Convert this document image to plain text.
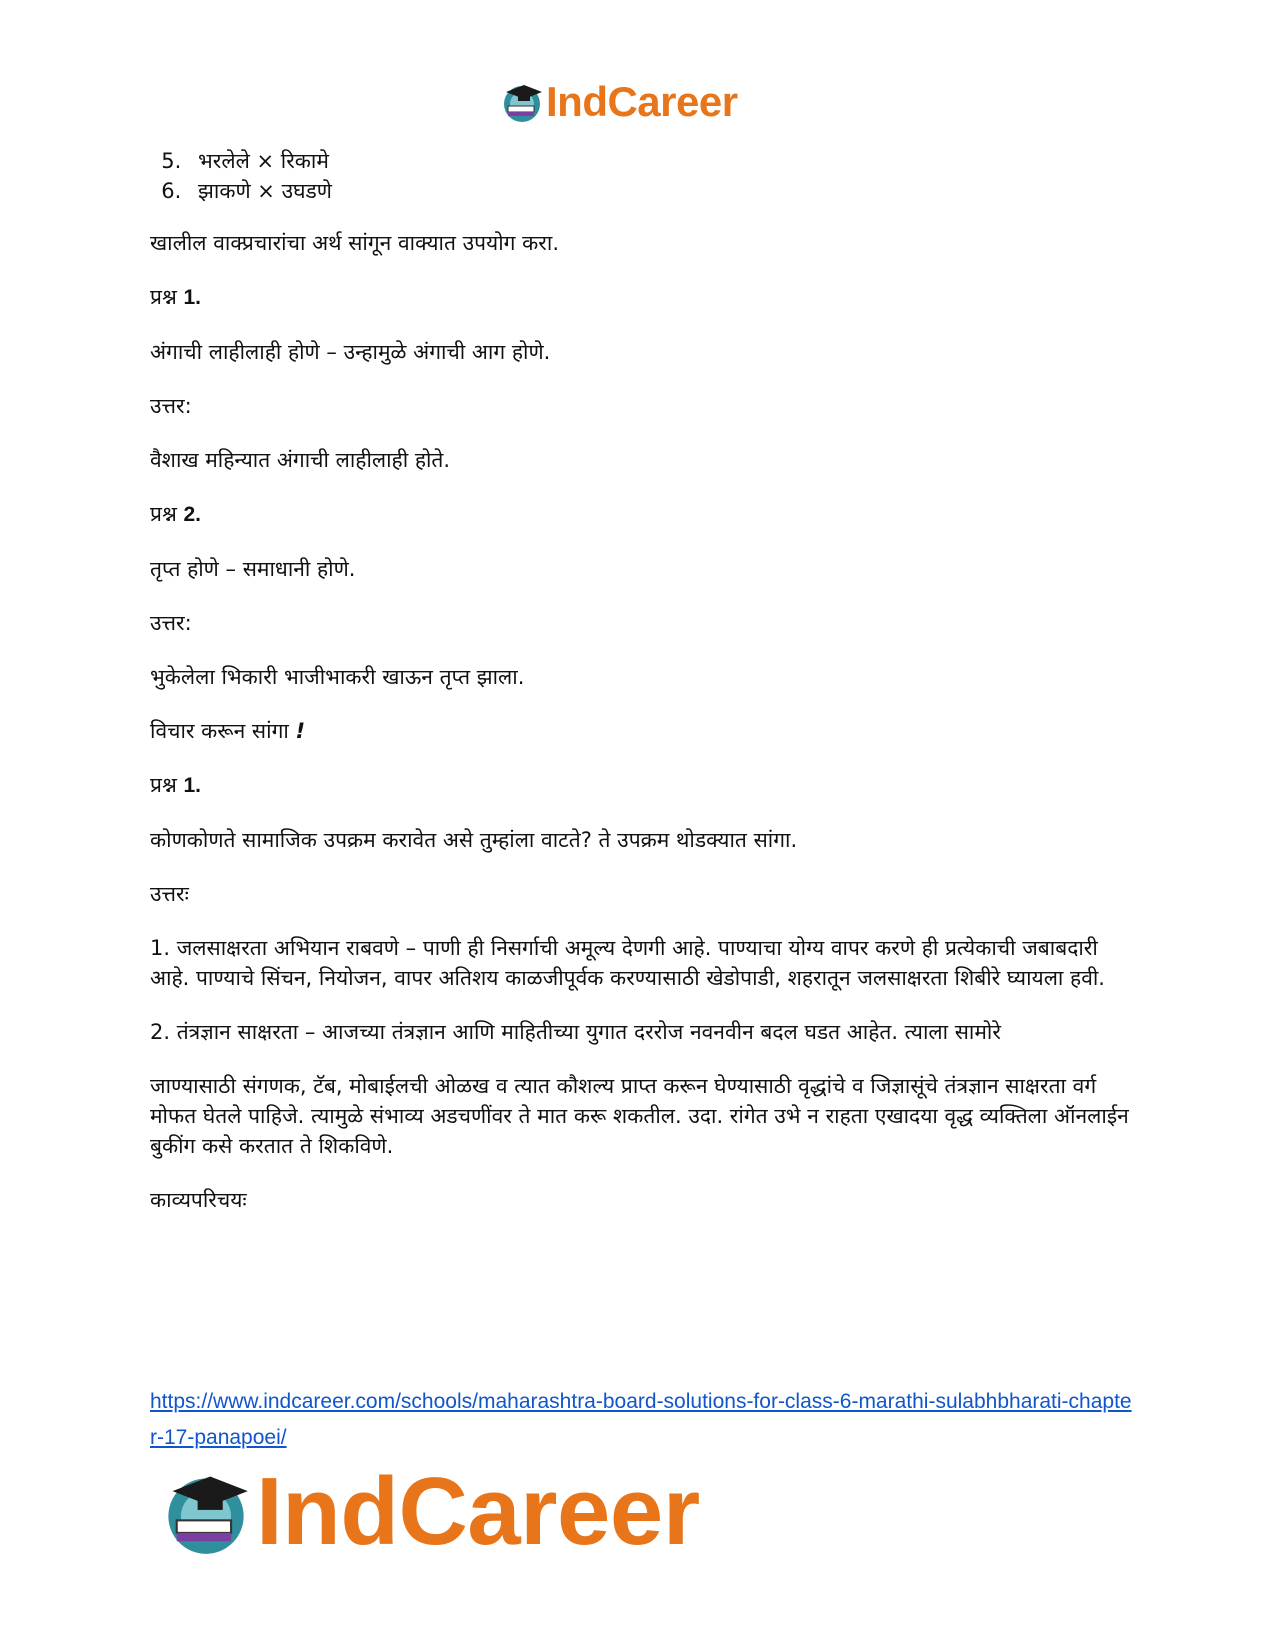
IndCareer
5. भरलेले × रिकामे
6. झाकणे × उघडणे

खालील वाक्प्रचारांचा अर्थ सांगून वाक्यात उपयोग करा.

प्रश्न 1.

अंगाची लाहीलाही होणे – उन्हामुळे अंगाची आग होणे.

उत्तर:

वैशाख महिन्यात अंगाची लाहीलाही होते.

प्रश्न 2.

तृप्त होणे – समाधानी होणे.

उत्तर:

भुकेलेला भिकारी भाजीभाकरी खाऊन तृप्त झाला.

विचार करून सांगा !

प्रश्न 1.

कोणकोणते सामाजिक उपक्रम करावेत असे तुम्हांला वाटते? ते उपक्रम थोडक्यात सांगा.

उत्तरः

1. जलसाक्षरता अभियान राबवणे – पाणी ही निसर्गाची अमूल्य देणगी आहे. पाण्याचा योग्य वापर करणे ही प्रत्येकाची जबाबदारी आहे. पाण्याचे सिंचन, नियोजन, वापर अतिशय काळजीपूर्वक करण्यासाठी खेडोपाडी, शहरातून जलसाक्षरता शिबीरे घ्यायला हवी.

2. तंत्रज्ञान साक्षरता – आजच्या तंत्रज्ञान आणि माहितीच्या युगात दररोज नवनवीन बदल घडत आहेत. त्याला सामोरे

जाण्यासाठी संगणक, टॅब, मोबाईलची ओळख व त्यात कौशल्य प्राप्त करून घेण्यासाठी वृद्धांचे व जिज्ञासूंचे तंत्रज्ञान साक्षरता वर्ग मोफत घेतले पाहिजे. त्यामुळे संभाव्य अडचणींवर ते मात करू शकतील. उदा. रांगेत उभे न राहता एखादया वृद्ध व्यक्तिला ऑनलाईन बुकींग कसे करतात ते शिकविणे.

काव्यपरिचयः

https://www.indcareer.com/schools/maharashtra-board-solutions-for-class-6-marathi-sulabhbharati-chapter-17-panapoei/
IndCareer
